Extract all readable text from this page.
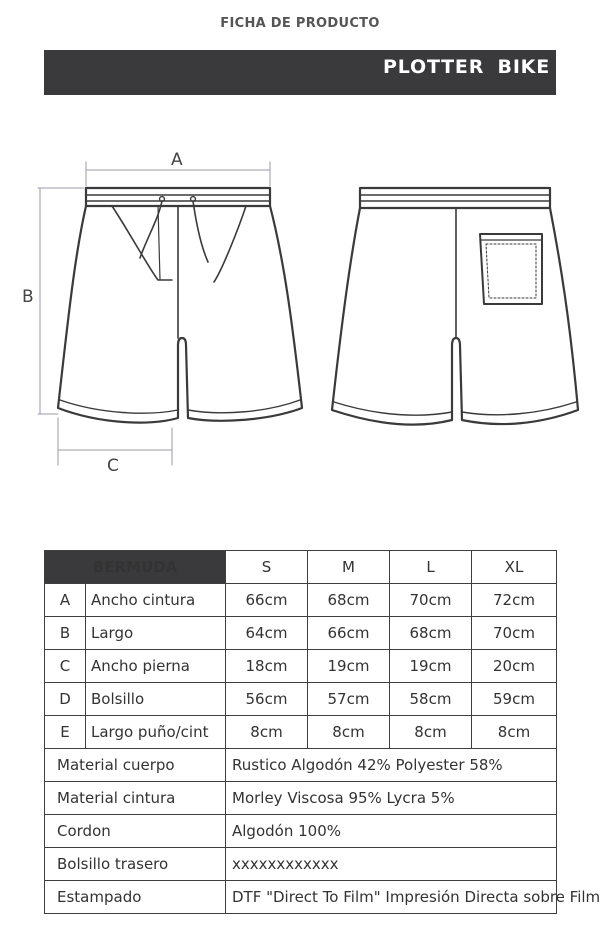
FICHA DE PRODUCTO
PLOTTER BIKE
A
B
C
BERMUDA		S	M	L	XL
A	Ancho cintura	66cm	68cm	70cm	72cm
B	Largo	64cm	66cm	68cm	70cm
C	Ancho pierna	18cm	19cm	19cm	20cm
D	Bolsillo	56cm	57cm	58cm	59cm
E	Largo puño/cint	8cm	8cm	8cm	8cm
Material cuerpo		Rustico Algodón 42% Polyester 58%			
Material cintura		Morley Viscosa 95% Lycra 5%			
Cordon		Algodón 100%			
Bolsillo trasero		xxxxxxxxxxxx			
Estampado		DTF "Direct To Film" Impresión Directa sobre Film			
